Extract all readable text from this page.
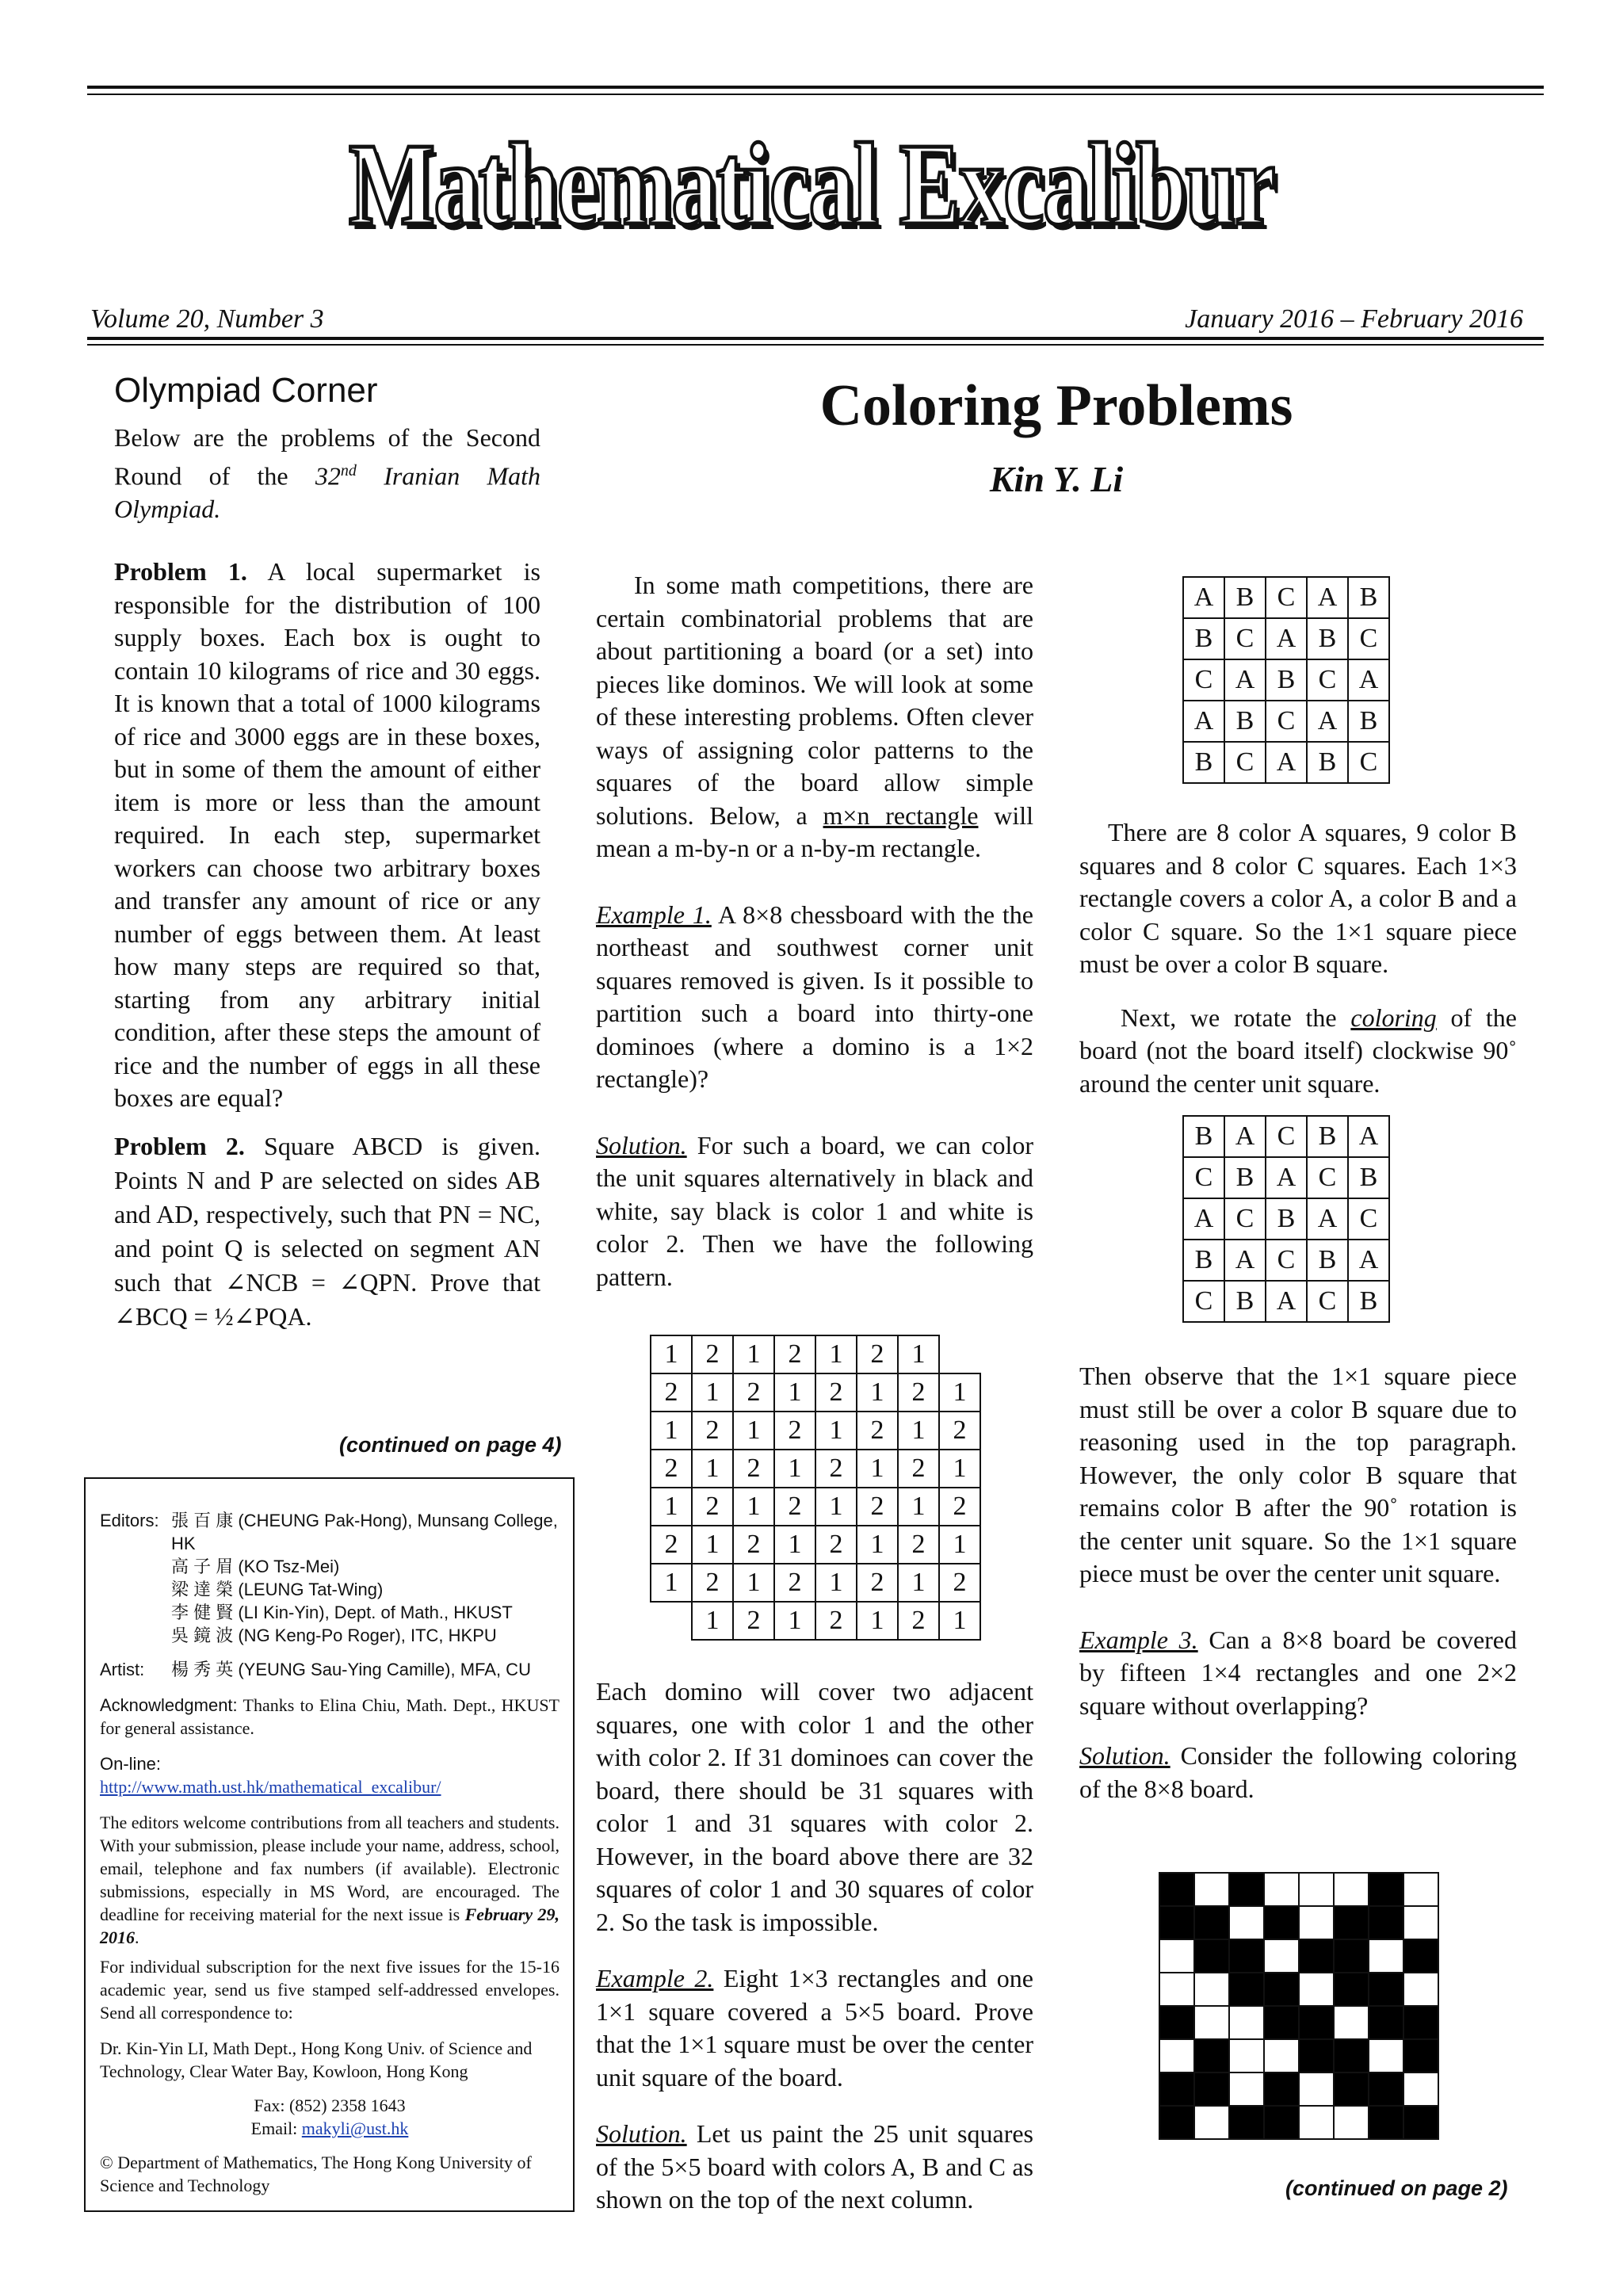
Mathematical Excalibur
Volume 20, Number 3	January 2016 – February 2016
Olympiad Corner

Below are the problems of the Second Round of the 32nd Iranian Math Olympiad.

Problem 1. A local supermarket is responsible for the distribution of 100 supply boxes. Each box is ought to contain 10 kilograms of rice and 30 eggs. It is known that a total of 1000 kilograms of rice and 3000 eggs are in these boxes, but in some of them the amount of either item is more or less than the amount required. In each step, supermarket workers can choose two arbitrary boxes and transfer any amount of rice or any number of eggs between them. At least how many steps are required so that, starting from any arbitrary initial condition, after these steps the amount of rice and the number of eggs in all these boxes are equal?

Problem 2. Square ABCD is given. Points N and P are selected on sides AB and AD, respectively, such that PN = NC, and point Q is selected on segment AN such that ∠NCB = ∠QPN. Prove that ∠BCQ = ½∠PQA.

(continued on page 4)
Editors: 張 百 康 (CHEUNG Pak-Hong), Munsang College, HK
高 子 眉 (KO Tsz-Mei)
梁 達 榮 (LEUNG Tat-Wing)
李 健 賢 (LI Kin-Yin), Dept. of Math., HKUST
吳 鏡 波 (NG Keng-Po Roger), ITC, HKPU
Artist: 楊 秀 英 (YEUNG Sau-Ying Camille), MFA, CU
Acknowledgment: Thanks to Elina Chiu, Math. Dept., HKUST for general assistance.
On-line:
http://www.math.ust.hk/mathematical_excalibur/
The editors welcome contributions from all teachers and students. With your submission, please include your name, address, school, email, telephone and fax numbers (if available). Electronic submissions, especially in MS Word, are encouraged. The deadline for receiving material for the next issue is February 29, 2016.
For individual subscription for the next five issues for the 15-16 academic year, send us five stamped self-addressed envelopes. Send all correspondence to:
Dr. Kin-Yin LI, Math Dept., Hong Kong Univ. of Science and Technology, Clear Water Bay, Kowloon, Hong Kong
Fax: (852) 2358 1643
Email: makyli@ust.hk
© Department of Mathematics, The Hong Kong University of Science and Technology
Coloring Problems
Kin Y. Li

In some math competitions, there are certain combinatorial problems that are about partitioning a board (or a set) into pieces like dominos. We will look at some of these interesting problems. Often clever ways of assigning color patterns to the squares of the board allow simple solutions. Below, a m×n rectangle will mean a m-by-n or a n-by-m rectangle.

Example 1. A 8×8 chessboard with the the northeast and southwest corner unit squares removed is given. Is it possible to partition such a board into thirty-one dominoes (where a domino is a 1×2 rectangle)?

Solution. For such a board, we can color the unit squares alternatively in black and white, say black is color 1 and white is color 2. Then we have the following pattern.

1	2	1	2	1	2	1	
2	1	2	1	2	1	2	1
1	2	1	2	1	2	1	2
2	1	2	1	2	1	2	1
1	2	1	2	1	2	1	2
2	1	2	1	2	1	2	1
1	2	1	2	1	2	1	2
	1	2	1	2	1	2	1

Each domino will cover two adjacent squares, one with color 1 and the other with color 2. If 31 dominoes can cover the board, there should be 31 squares with color 1 and 31 squares with color 2. However, in the board above there are 32 squares of color 1 and 30 squares of color 2. So the task is impossible.

Example 2. Eight 1×3 rectangles and one 1×1 square covered a 5×5 board. Prove that the 1×1 square must be over the center unit square of the board.

Solution. Let us paint the 25 unit squares of the 5×5 board with colors A, B and C as shown on the top of the next column.

A	B	C	A	B
B	C	A	B	C
C	A	B	C	A
A	B	C	A	B
B	C	A	B	C

There are 8 color A squares, 9 color B squares and 8 color C squares. Each 1×3 rectangle covers a color A, a color B and a color C square. So the 1×1 square piece must be over a color B square.

Next, we rotate the coloring of the board (not the board itself) clockwise 90˚ around the center unit square.

B	A	C	B	A
C	B	A	C	B
A	C	B	A	C
B	A	C	B	A
C	B	A	C	B

Then observe that the 1×1 square piece must still be over a color B square due to reasoning used in the top paragraph. However, the only color B square that remains color B after the 90˚ rotation is the center unit square. So the 1×1 square piece must be over the center unit square.

Example 3. Can a 8×8 board be covered by fifteen 1×4 rectangles and one 2×2 square without overlapping?

Solution. Consider the following coloring of the 8×8 board.

(continued on page 2)
